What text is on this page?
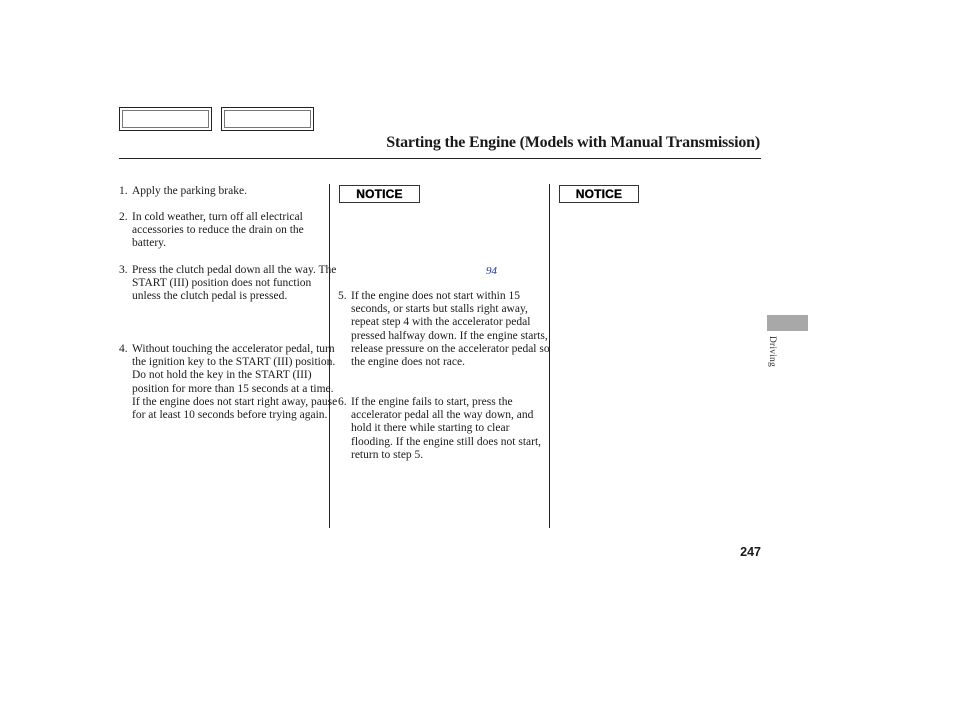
Starting the Engine (Models with Manual Transmission)
1. Apply the parking brake.
2. In cold weather, turn off all electrical accessories to reduce the drain on the battery.
3. Press the clutch pedal down all the way. The START (III) position does not function unless the clutch pedal is pressed.
4. Without touching the accelerator pedal, turn the ignition key to the START (III) position. Do not hold the key in the START (III) position for more than 15 seconds at a time. If the engine does not start right away, pause for at least 10 seconds before trying again.
NOTICE	NOTICE
94
5. If the engine does not start within 15 seconds, or starts but stalls right away, repeat step 4 with the accelerator pedal pressed halfway down. If the engine starts, release pressure on the accelerator pedal so the engine does not race.
6. If the engine fails to start, press the accelerator pedal all the way down, and hold it there while starting to clear flooding. If the engine still does not start, return to step 5.
Driving
247
